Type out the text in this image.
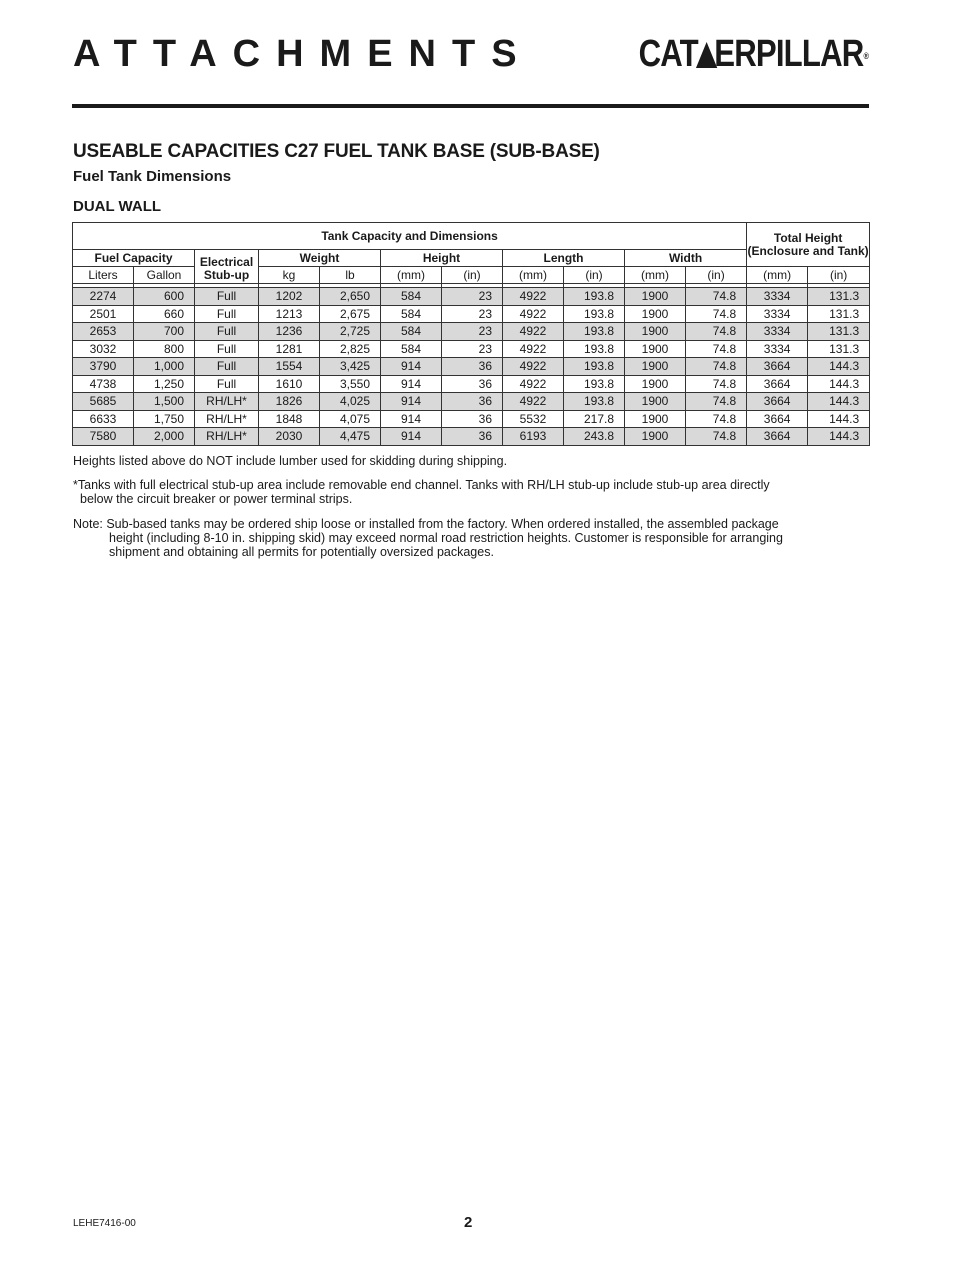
ATTACHMENTS	CAT ERPILLAR®
USEABLE CAPACITIES C27 FUEL TANK BASE (SUB-BASE)
Fuel Tank Dimensions
DUAL WALL
Tank Capacity and Dimensions											Total Height (Enclosure and Tank)	
Fuel Capacity		Electrical Stub-up	Weight		Height		Length		Width			
Liters	Gallon		kg	lb	(mm)	(in)	(mm)	(in)	(mm)	(in)	(mm)	(in)

2274	600	Full	1202	2,650	584	23	4922	193.8	1900	74.8	3334	131.3
2501	660	Full	1213	2,675	584	23	4922	193.8	1900	74.8	3334	131.3
2653	700	Full	1236	2,725	584	23	4922	193.8	1900	74.8	3334	131.3
3032	800	Full	1281	2,825	584	23	4922	193.8	1900	74.8	3334	131.3
3790	1,000	Full	1554	3,425	914	36	4922	193.8	1900	74.8	3664	144.3
4738	1,250	Full	1610	3,550	914	36	4922	193.8	1900	74.8	3664	144.3
5685	1,500	RH/LH*	1826	4,025	914	36	4922	193.8	1900	74.8	3664	144.3
6633	1,750	RH/LH*	1848	4,075	914	36	5532	217.8	1900	74.8	3664	144.3
7580	2,000	RH/LH*	2030	4,475	914	36	6193	243.8	1900	74.8	3664	144.3
Heights listed above do NOT include lumber used for skidding during shipping.
*Tanks with full electrical stub-up area include removable end channel. Tanks with RH/LH stub-up include stub-up area directly
below the circuit breaker or power terminal strips.
Note: Sub-based tanks may be ordered ship loose or installed from the factory. When ordered installed, the assembled package
height (including 8-10 in. shipping skid) may exceed normal road restriction heights. Customer is responsible for arranging
shipment and obtaining all permits for potentially oversized packages.
LEHE7416-00	2
